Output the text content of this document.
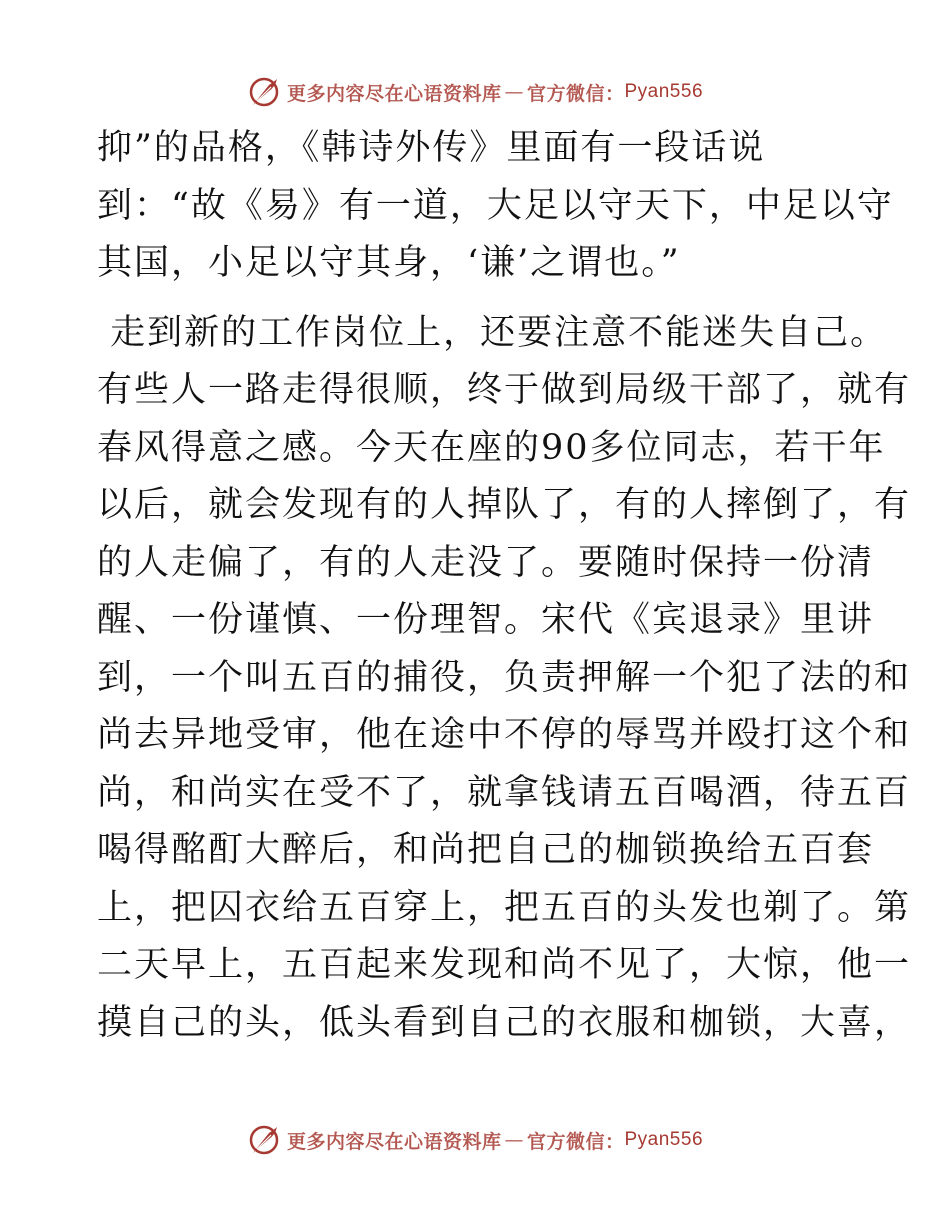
更多内容尽在心语资料库 — 官方微信： Pyan556
抑”的品格，《韩诗外传》里面有一段话说
到：“故《易》有一道，大足以守天下，中足以守
其国，小足以守其身，‘谦’之谓也。”
走到新的工作岗位上，还要注意不能迷失自己。
有些人一路走得很顺，终于做到局级干部了，就有
春风得意之感。今天在座的90多位同志，若干年
以后，就会发现有的人掉队了，有的人摔倒了，有
的人走偏了，有的人走没了。要随时保持一份清
醒、一份谨慎、一份理智。宋代《宾退录》里讲
到，一个叫五百的捕役，负责押解一个犯了法的和
尚去异地受审，他在途中不停的辱骂并殴打这个和
尚，和尚实在受不了，就拿钱请五百喝酒，待五百
喝得酩酊大醉后，和尚把自己的枷锁换给五百套
上，把囚衣给五百穿上，把五百的头发也剃了。第
二天早上，五百起来发现和尚不见了，大惊，他一
摸自己的头，低头看到自己的衣服和枷锁，大喜，
更多内容尽在心语资料库 — 官方微信： Pyan556
